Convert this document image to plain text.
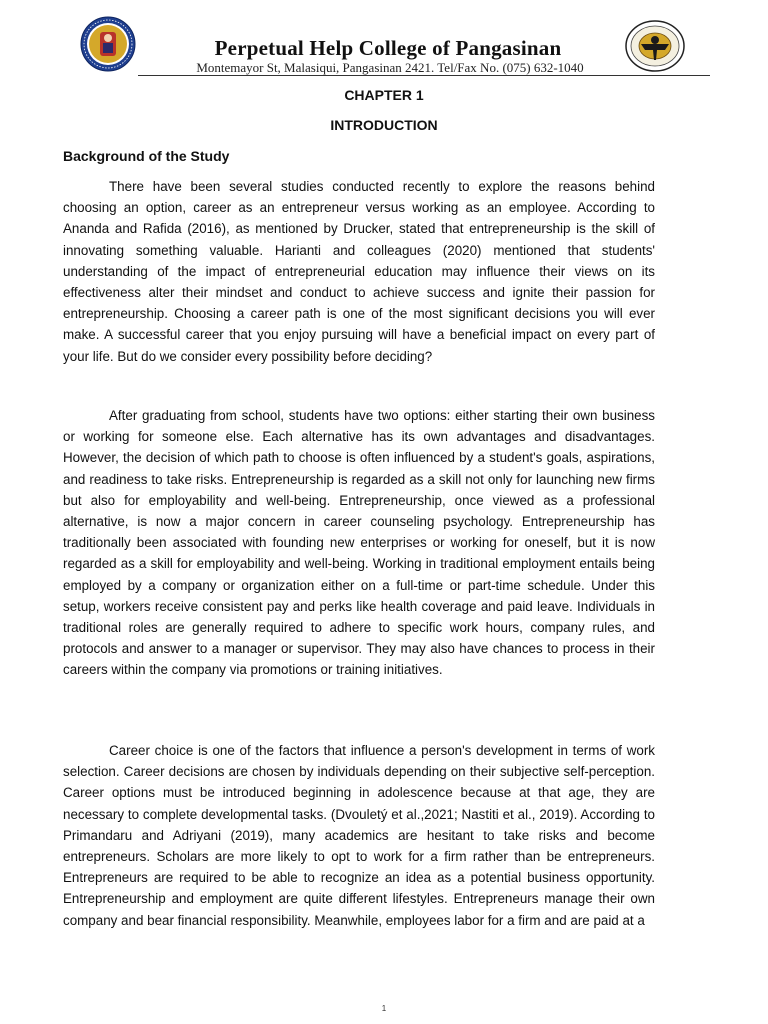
Perpetual Help College of Pangasinan
Montemayor St, Malasiqui, Pangasinan 2421. Tel/Fax No. (075) 632-1040
CHAPTER 1
INTRODUCTION
Background of the Study

There have been several studies conducted recently to explore the reasons behind choosing an option, career as an entrepreneur versus working as an employee. According to Ananda and Rafida (2016), as mentioned by Drucker, stated that entrepreneurship is the skill of innovating something valuable. Harianti and colleagues (2020) mentioned that students' understanding of the impact of entrepreneurial education may influence their views on its effectiveness alter their mindset and conduct to achieve success and ignite their passion for entrepreneurship. Choosing a career path is one of the most significant decisions you will ever make. A successful career that you enjoy pursuing will have a beneficial impact on every part of your life. But do we consider every possibility before deciding?

After graduating from school, students have two options: either starting their own business or working for someone else. Each alternative has its own advantages and disadvantages. However, the decision of which path to choose is often influenced by a student's goals, aspirations, and readiness to take risks. Entrepreneurship is regarded as a skill not only for launching new firms but also for employability and well-being. Entrepreneurship, once viewed as a professional alternative, is now a major concern in career counseling psychology. Entrepreneurship has traditionally been associated with founding new enterprises or working for oneself, but it is now regarded as a skill for employability and well-being. Working in traditional employment entails being employed by a company or organization either on a full-time or part-time schedule. Under this setup, workers receive consistent pay and perks like health coverage and paid leave. Individuals in traditional roles are generally required to adhere to specific work hours, company rules, and protocols and answer to a manager or supervisor. They may also have chances to process in their careers within the company via promotions or training initiatives.

Career choice is one of the factors that influence a person's development in terms of work selection. Career decisions are chosen by individuals depending on their subjective self-perception. Career options must be introduced beginning in adolescence because at that age, they are necessary to complete developmental tasks. (Dvouletý et al.,2021; Nastiti et al., 2019). According to Primandaru and Adriyani (2019), many academics are hesitant to take risks and become entrepreneurs. Scholars are more likely to opt to work for a firm rather than be entrepreneurs. Entrepreneurs are required to be able to recognize an idea as a potential business opportunity. Entrepreneurship and employment are quite different lifestyles. Entrepreneurs manage their own company and bear financial responsibility. Meanwhile, employees labor for a firm and are paid at a

1
